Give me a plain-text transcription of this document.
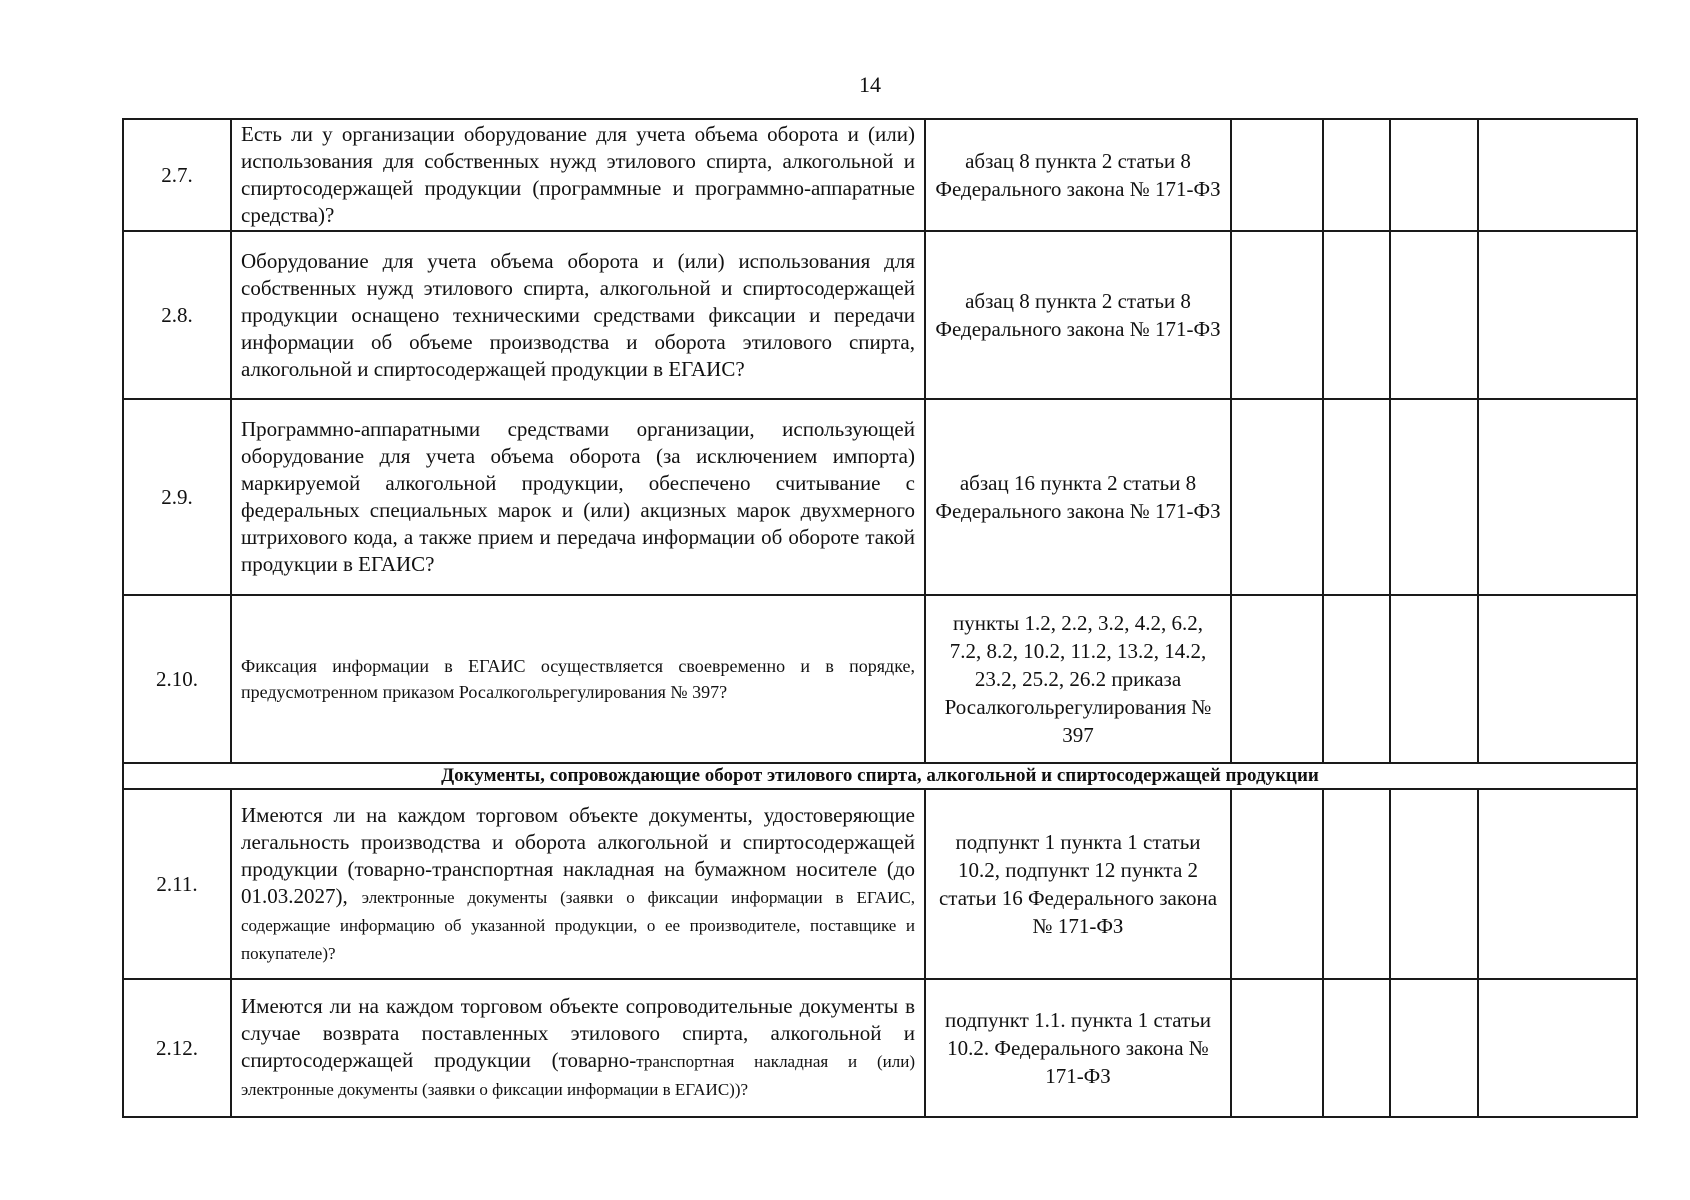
14
2.7.	Есть ли у организации оборудование для учета объема оборота и (или) использования для собственных нужд этилового спирта, алкогольной и спиртосодержащей продукции (программные и программно-аппаратные средства)?	абзац 8 пункта 2 статьи 8 Федерального закона № 171-ФЗ				
2.8.	Оборудование для учета объема оборота и (или) использования для собственных нужд этилового спирта, алкогольной и спиртосодержащей продукции оснащено техническими средствами фиксации и передачи информации об объеме производства и оборота этилового спирта, алкогольной и спиртосодержащей продукции в ЕГАИС?	абзац 8 пункта 2 статьи 8 Федерального закона № 171-ФЗ				
2.9.	Программно-аппаратными средствами организации, использующей оборудование для учета объема оборота (за исключением импорта) маркируемой алкогольной продукции, обеспечено считывание с федеральных специальных марок и (или) акцизных марок двухмерного штрихового кода, а также прием и передача информации об обороте такой продукции в ЕГАИС?	абзац 16 пункта 2 статьи 8 Федерального закона № 171-ФЗ				
2.10.	Фиксация информации в ЕГАИС осуществляется своевременно и в порядке, предусмотренном приказом Росалкогольрегулирования № 397?	пункты 1.2, 2.2, 3.2, 4.2, 6.2, 7.2, 8.2, 10.2, 11.2, 13.2, 14.2, 23.2, 25.2, 26.2 приказа Росалкогольрегулирования № 397				
Документы, сопровождающие оборот этилового спирта, алкогольной и спиртосодержащей продукции						
2.11.	Имеются ли на каждом торговом объекте документы, удостоверяющие легальность производства и оборота алкогольной и спиртосодержащей продукции (товарно-транспортная накладная на бумажном носителе (до 01.03.2027), электронные документы (заявки о фиксации информации в ЕГАИС, содержащие информацию об указанной продукции, о ее производителе, поставщике и покупателе)?	подпункт 1 пункта 1 статьи 10.2, подпункт 12 пункта 2 статьи 16 Федерального закона № 171-ФЗ				
2.12.	Имеются ли на каждом торговом объекте сопроводительные документы в случае возврата поставленных этилового спирта, алкогольной и спиртосодержащей продукции (товарно-транспортная накладная и (или) электронные документы (заявки о фиксации информации в ЕГАИС))?	подпункт 1.1. пункта 1 статьи 10.2. Федерального закона № 171-ФЗ				
